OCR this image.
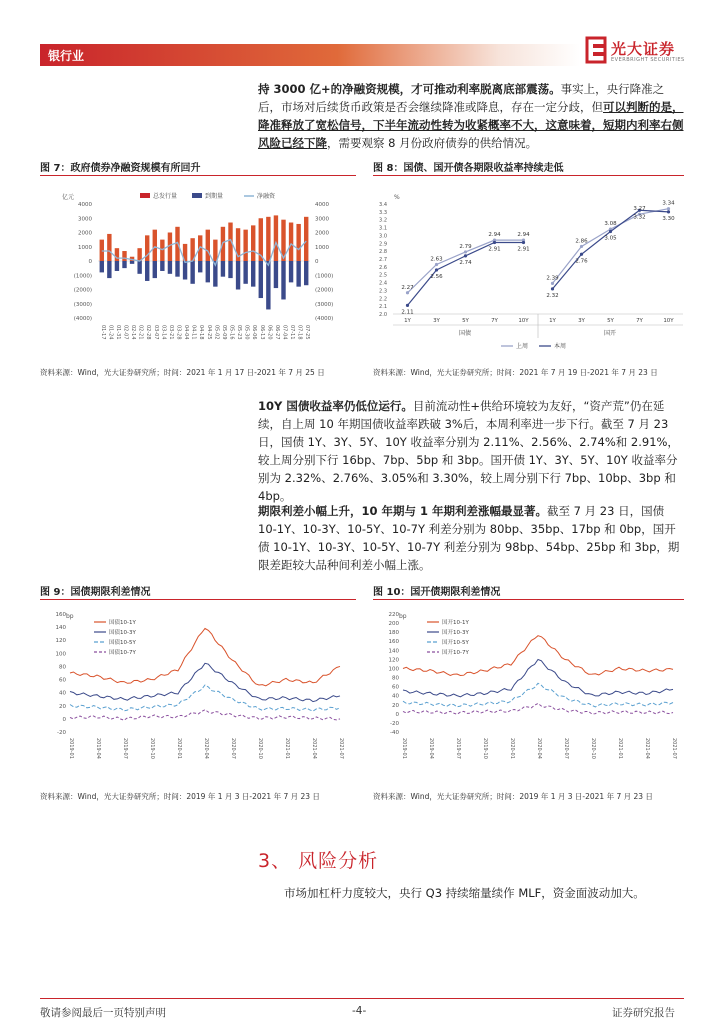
银行业	光大证券
EVERBRIGHT SECURITIES
持 3000 亿+的净融资规模，才可推动利率脱离底部震荡。事实上，央行降准之后，市场对后续货币政策是否会继续降准或降息，存在一定分歧，但可以判断的是，降准释放了宽松信号，下半年流动性转为收紧概率不大，这意味着，短期内利率右侧风险已经下降，需要观察 8 月份政府债券的供给情况。
图 7：政府债券净融资规模有所回升
亿元
4000
3000
2000
1000
0
(1000)
(2000)
(3000)
(4000)
4000
3000
2000
1000
0
(1000)
(2000)
(3000)
(4000)
01-17 01-24 01-31 02-07 02-14 02-21 02-28 03-07 03-14 03-21 03-28 04-04 04-11 04-18 04-25 05-02 05-09 05-16 05-23 05-30 06-06 06-13 06-20 06-27 07-04 07-11 07-18 07-25
总发行量	到期量	净融资
资料来源：Wind，光大证券研究所；时间：2021 年 1 月 17 日-2021 年 7 月 25 日
图 8：国债、国开债各期限收益率持续走低
%
2.0
2.1
2.2
2.3
2.4
2.5
2.6
2.7
2.8
2.9
3.0
3.1
3.2
3.3
3.4
1Y	3Y	5Y	7Y	10Y	1Y	3Y	5Y	7Y	10Y
国债	国开
2.27
2.63
2.79
2.94	2.94
2.39
2.86
3.08
3.27
3.34
2.11
2.56
2.74
2.91	2.91
2.32
2.76
3.05
3.32	3.30
上周	本周
资料来源：Wind，光大证券研究所；时间：2021 年 7 月 19 日-2021 年 7 月 23 日
10Y 国债收益率仍低位运行。目前流动性+供给环境较为友好，“资产荒”仍在延续，自上周 10 年期国债收益率跌破 3%后，本周利率进一步下行。截至 7 月 23 日，国债 1Y、3Y、5Y、10Y 收益率分别为 2.11%、2.56%、2.74%和 2.91%，较上周分别下行 16bp、7bp、5bp 和 3bp。国开债 1Y、3Y、5Y、10Y 收益率分别为 2.32%、2.76%、3.05%和 3.30%，较上周分别下行 7bp、10bp、3bp 和 4bp。
期限利差小幅上升，10 年期与 1 年期利差涨幅最显著。截至 7 月 23 日，国债 10-1Y、10-3Y、10-5Y、10-7Y 利差分别为 80bp、35bp、17bp 和 0bp，国开债 10-1Y、10-3Y、10-5Y、10-7Y 利差分别为 98bp、54bp、25bp 和 3bp，期限差距较大品种间利差小幅上涨。
图 9：国债期限利差情况
bp
160
140
120
100
80
60
40
20
0
-20
2019-01	2019-04	2019-07	2019-10	2020-01	2020-04	2020-07	2020-10	2021-01	2021-04	2021-07
国债10-1Y
国债10-3Y
国债10-5Y
国债10-7Y
资料来源：Wind，光大证券研究所；时间：2019 年 1 月 3 日-2021 年 7 月 23 日
图 10：国开债期限利差情况
bp
220
200
180
160
140
120
100
80
60
40
20
0
-20
-40
2019-01	2019-04	2019-07	2019-10	2020-01	2020-04	2020-07	2020-10	2021-01	2021-04	2021-07
国开10-1Y
国开10-3Y
国开10-5Y
国开10-7Y
资料来源：Wind，光大证券研究所；时间：2019 年 1 月 3 日-2021 年 7 月 23 日
3、 风险分析
市场加杠杆力度较大，央行 Q3 持续缩量续作 MLF，资金面波动加大。
敬请参阅最后一页特别声明	-4-	证券研究报告
